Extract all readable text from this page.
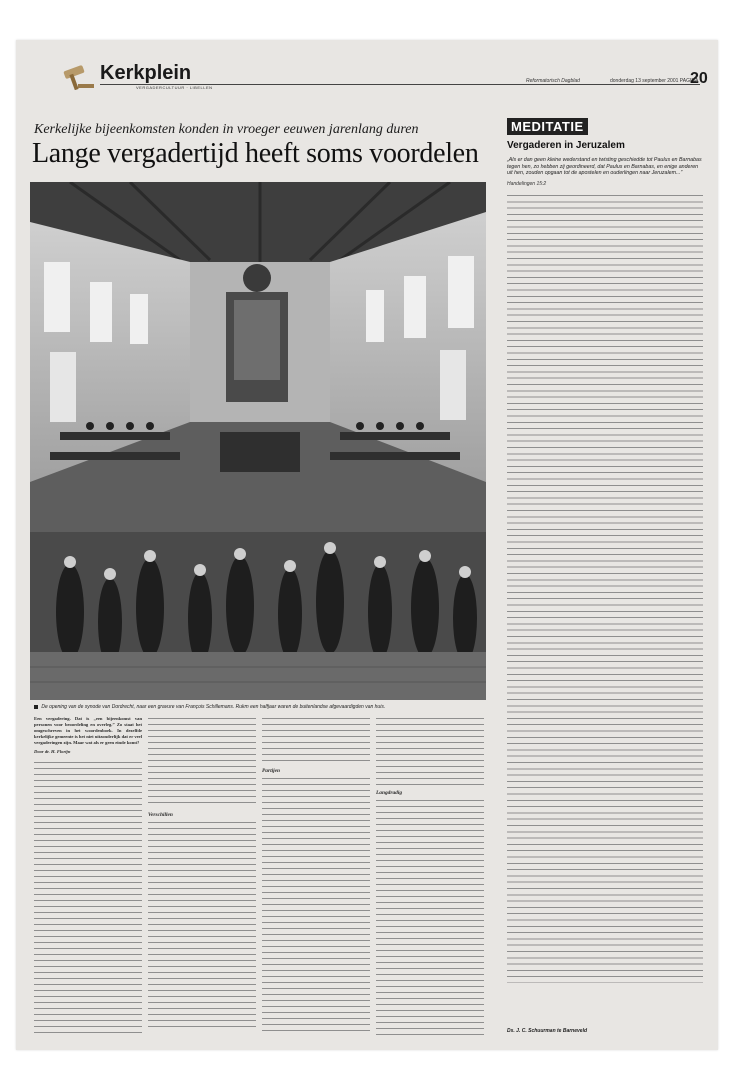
Kerkplein
VERGADERCULTUUR · LIBELLEN
Reformatorisch Dagblad	donderdag 13 september 2001 PAGINA
20
Kerkelijke bijeenkomsten konden in vroeger eeuwen jarenlang duren
Lange vergadertijd heeft soms voordelen
De opening van de synode van Dordrecht, naar een gravure van François Schillemans. Rukm een halfjaar waren de buitenlandse afgevaardigden van huis.

Een vergadering. Dat is „een bijeenkomst van personen voor beoordeling en overleg.” Zo staat het omgeschreven in het woordenboek. In dezelfde kerkelijke gemeente is het niet uitzonderlijk dat er veel vergaderingen zijn. Maar wat als er geen einde komt?

Door dr. H. Florijn

Verschillen

Partijen

Langdradig

MEDITATIE
Vergaderen in Jeruzalem
„Als er dan geen kleine wederstand en twisting geschiedde tot Paulus en Barnabas tegen hen, zo hebben zij geordineerd, dat Paulus en Barnabas, en enige anderen uit hen, zouden opgaan tot de apostelen en ouderlingen naar Jeruzalem...”
Handelingen 15:2
Ds. J. C. Schuurman te Barneveld
